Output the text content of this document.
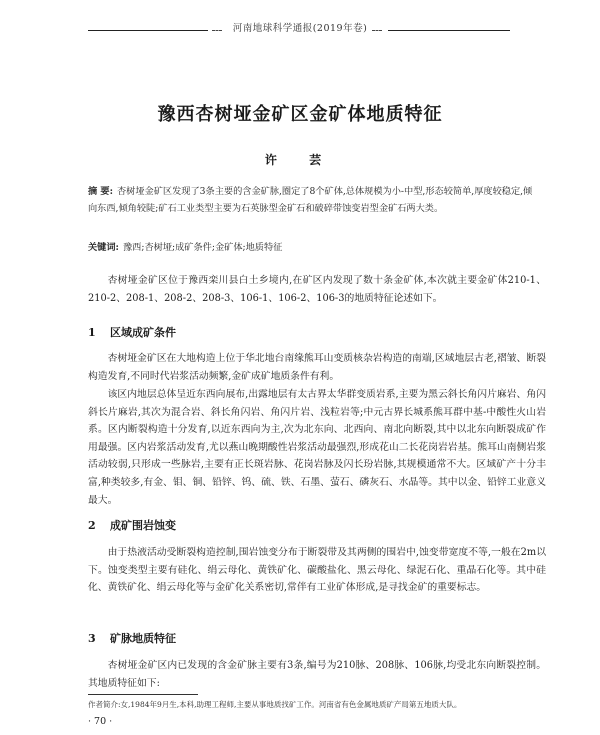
河南地球科学通报(2019年卷)
豫西杏树垭金矿区金矿体地质特征
许 芸
摘 要: 杏树垭金矿区发现了3条主要的含金矿脉,圈定了8个矿体,总体规模为小-中型,形态较简单,厚度较稳定,倾向东西,倾角较陡;矿石工业类型主要为石英脉型金矿石和破碎带蚀变岩型金矿石两大类。
关键词: 豫西;杏树垭;成矿条件;金矿体;地质特征
杏树垭金矿区位于豫西栾川县白土乡境内,在矿区内发现了数十条金矿体,本次就主要金矿体210-1、210-2、208-1、208-2、208-3、106-1、106-2、106-3的地质特征论述如下。
1 区域成矿条件
杏树垭金矿区在大地构造上位于华北地台南缘熊耳山变质核杂岩构造的南端,区域地层古老,褶皱、断裂构造发育,不同时代岩浆活动频繁,金矿成矿地质条件有利。
该区内地层总体呈近东西向展布,出露地层有太古界太华群变质岩系,主要为黑云斜长角闪片麻岩、角闪斜长片麻岩,其次为混合岩、斜长角闪岩、角闪片岩、浅粒岩等;中元古界长城系熊耳群中基-中酸性火山岩系。区内断裂构造十分发育,以近东西向为主,次为北东向、北西向、南北向断裂,其中以北东向断裂成矿作用最强。区内岩浆活动发育,尤以燕山晚期酸性岩浆活动最强烈,形成花山二长花岗岩岩基。熊耳山南侧岩浆活动较弱,只形成一些脉岩,主要有正长斑岩脉、花岗岩脉及闪长玢岩脉,其规模通常不大。区域矿产十分丰富,种类较多,有金、钼、铜、铅锌、钨、硫、铁、石墨、萤石、磷灰石、水晶等。其中以金、铅锌工业意义最大。
2 成矿围岩蚀变
由于热液活动受断裂构造控制,围岩蚀变分布于断裂带及其两侧的围岩中,蚀变带宽度不等,一般在2m以下。蚀变类型主要有硅化、绢云母化、黄铁矿化、碳酸盐化、黑云母化、绿泥石化、重晶石化等。其中硅化、黄铁矿化、绢云母化等与金矿化关系密切,常伴有工业矿体形成,是寻找金矿的重要标志。
3 矿脉地质特征
杏树垭金矿区内已发现的含金矿脉主要有3条,编号为210脉、208脉、106脉,均受北东向断裂控制。其地质特征如下:
作者简介:女,1984年9月生,本科,助理工程师,主要从事地质找矿工作。河南省有色金属地质矿产局第五地质大队。
· 70 ·
